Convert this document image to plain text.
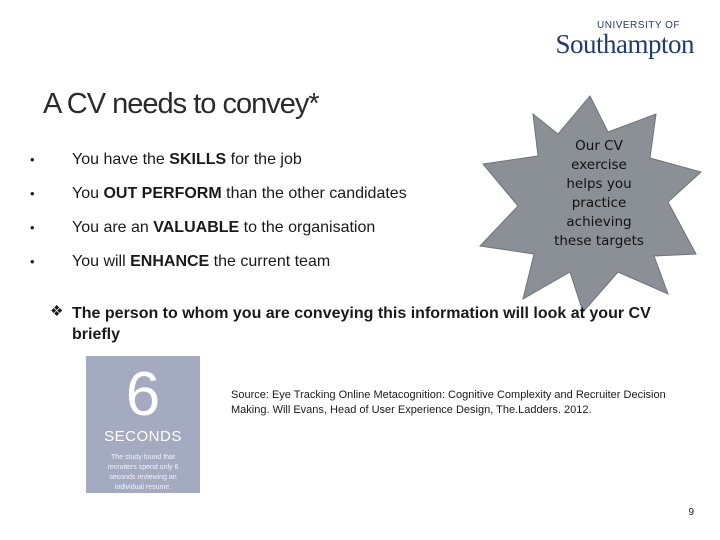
UNIVERSITY OF
Southampton
A CV needs to convey*
• You have the SKILLS for the job
• You OUT PERFORM than the other candidates
• You are an VALUABLE to the organisation
• You will ENHANCE the current team
Our CV
exercise
helps you
practice
achieving
these targets
❖ The person to whom you are conveying this information will look at your CV briefly
6
SECONDS
The study found that recruiters spend only 6 seconds reviewing an individual resume.
Source: Eye Tracking Online Metacognition: Cognitive Complexity and Recruiter Decision Making. Will Evans, Head of User Experience Design, The.Ladders. 2012.
9
